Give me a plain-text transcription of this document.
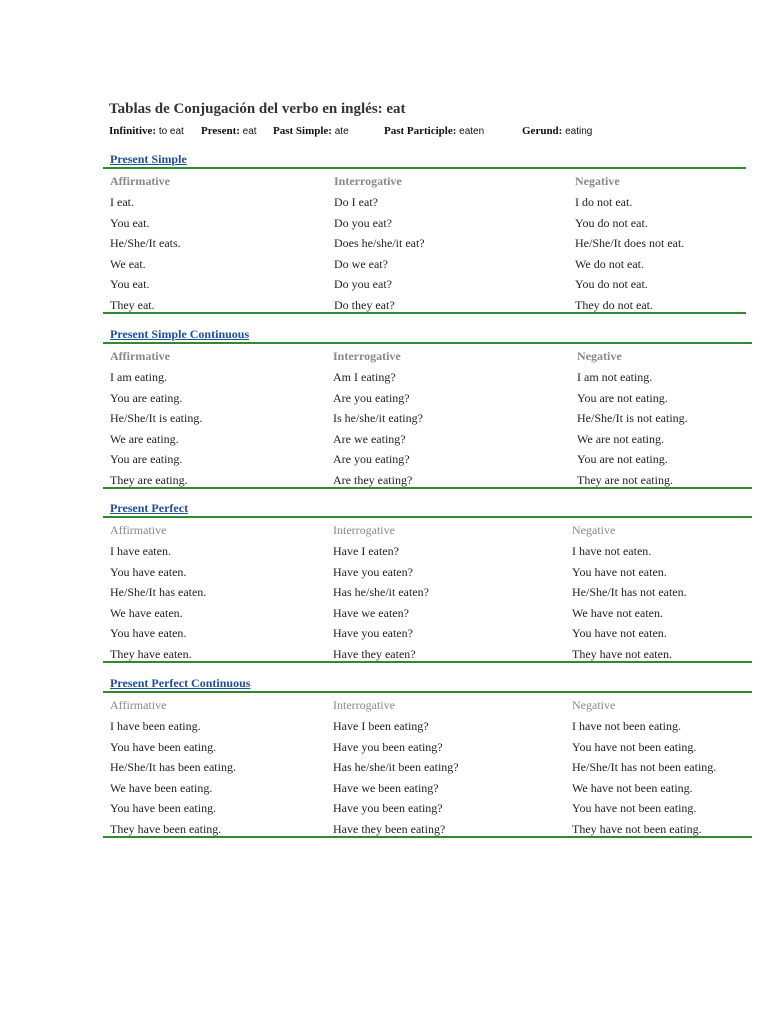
Tablas de Conjugación del verbo en inglés: eat
Infinitive: to eat Present: eat Past Simple: ate	Past Participle: eaten	Gerund: eating
Present Simple
Affirmative	Interrogative	Negative
I eat.	Do I eat?	I do not eat.
You eat.	Do you eat?	You do not eat.
He/She/It eats.	Does he/she/it eat?	He/She/It does not eat.
We eat.	Do we eat?	We do not eat.
You eat.	Do you eat?	You do not eat.
They eat.	Do they eat?	They do not eat.
Present Simple Continuous
Affirmative	Interrogative	Negative
I am eating.	Am I eating?	I am not eating.
You are eating.	Are you eating?	You are not eating.
He/She/It is eating.	Is he/she/it eating?	He/She/It is not eating.
We are eating.	Are we eating?	We are not eating.
You are eating.	Are you eating?	You are not eating.
They are eating.	Are they eating?	They are not eating.
Present Perfect
Affirmative	Interrogative	Negative
I have eaten.	Have I eaten?	I have not eaten.
You have eaten.	Have you eaten?	You have not eaten.
He/She/It has eaten.	Has he/she/it eaten?	He/She/It has not eaten.
We have eaten.	Have we eaten?	We have not eaten.
You have eaten.	Have you eaten?	You have not eaten.
They have eaten.	Have they eaten?	They have not eaten.
Present Perfect Continuous
Affirmative	Interrogative	Negative
I have been eating.	Have I been eating?	I have not been eating.
You have been eating.	Have you been eating?	You have not been eating.
He/She/It has been eating.	Has he/she/it been eating?	He/She/It has not been eating.
We have been eating.	Have we been eating?	We have not been eating.
You have been eating.	Have you been eating?	You have not been eating.
They have been eating.	Have they been eating?	They have not been eating.
